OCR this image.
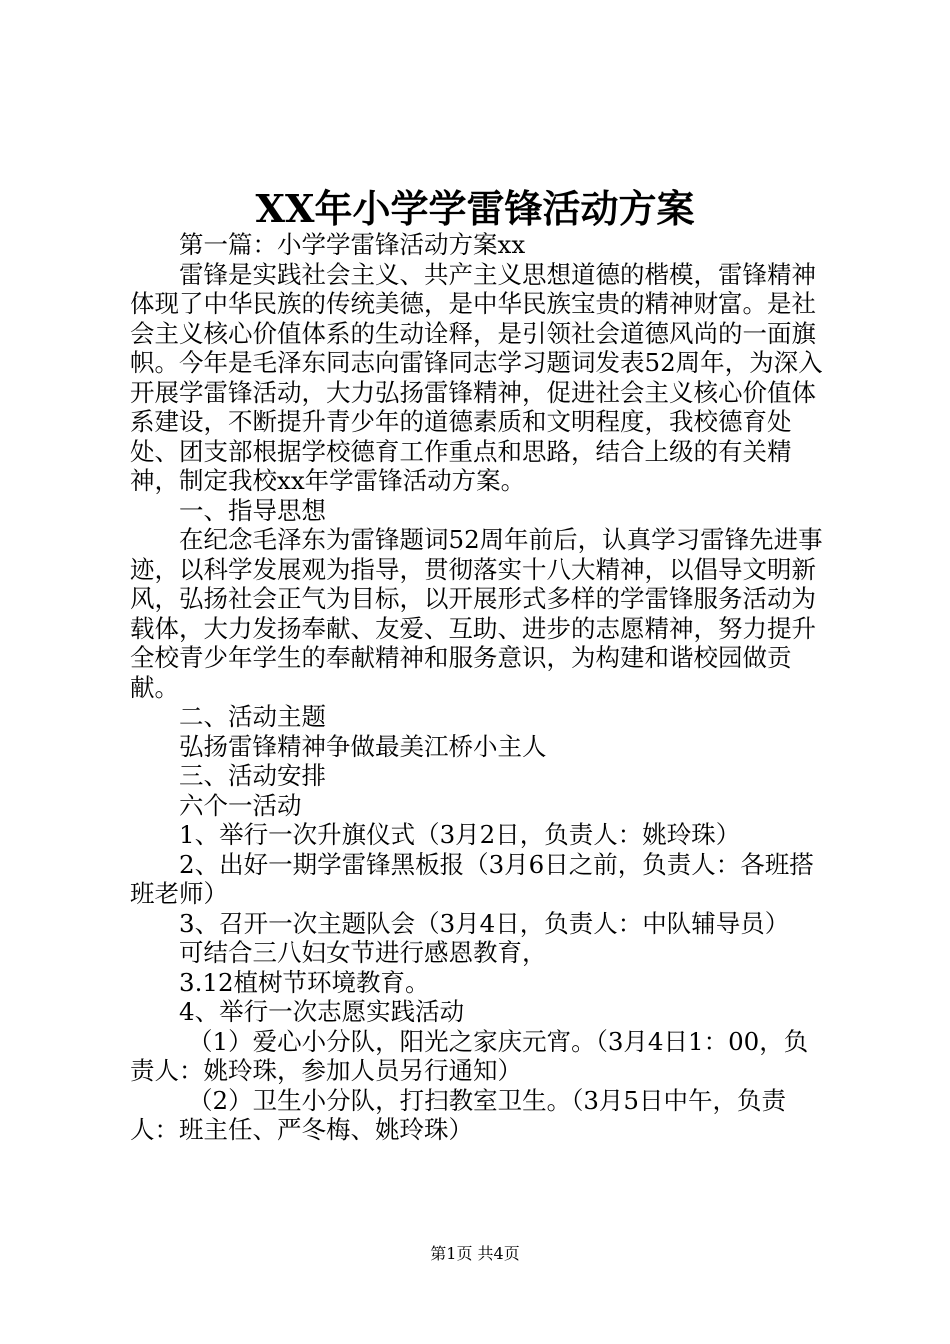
XX年小学学雷锋活动方案

第一篇：小学学雷锋活动方案xx

雷锋是实践社会主义、共产主义思想道德的楷模，雷锋精神体现了中华民族的传统美德，是中华民族宝贵的精神财富。是社会主义核心价值体系的生动诠释，是引领社会道德风尚的一面旗帜。今年是毛泽东同志向雷锋同志学习题词发表52周年，为深入开展学雷锋活动，大力弘扬雷锋精神，促进社会主义核心价值体系建设，不断提升青少年的道德素质和文明程度，我校德育处处、团支部根据学校德育工作重点和思路，结合上级的有关精神，制定我校xx年学雷锋活动方案。

一、指导思想

在纪念毛泽东为雷锋题词52周年前后，认真学习雷锋先进事迹，以科学发展观为指导，贯彻落实十八大精神，以倡导文明新风，弘扬社会正气为目标，以开展形式多样的学雷锋服务活动为载体，大力发扬奉献、友爱、互助、进步的志愿精神，努力提升全校青少年学生的奉献精神和服务意识，为构建和谐校园做贡献。

二、活动主题

弘扬雷锋精神争做最美江桥小主人

三、活动安排

六个一活动

1、举行一次升旗仪式（3月2日，负责人：姚玲珠）

2、出好一期学雷锋黑板报（3月6日之前，负责人：各班搭班老师）

3、召开一次主题队会（3月4日，负责人：中队辅导员）

可结合三八妇女节进行感恩教育，

3.12植树节环境教育。

4、举行一次志愿实践活动

（1）爱心小分队，阳光之家庆元宵。（3月4日1：00，负责人：姚玲珠，参加人员另行通知）

（2）卫生小分队，打扫教室卫生。（3月5日中午，负责人：班主任、严冬梅、姚玲珠）

第1页 共4页
